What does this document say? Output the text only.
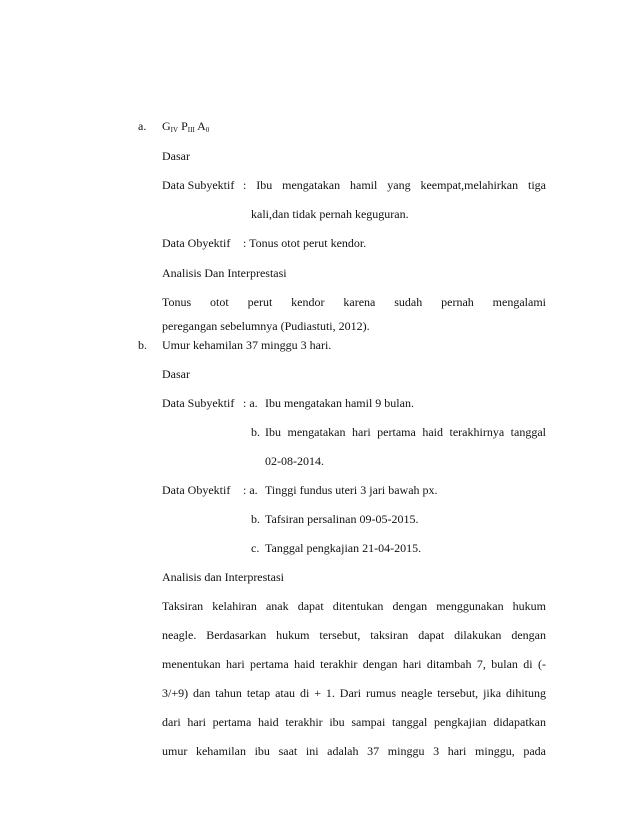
a. $G_{IV}$ $P_{III}$ $A_0$
Dasar
Data Subyektif : Ibu mengatakan hamil yang keempat,melahirkan tiga
kali,dan tidak pernah keguguran.
Data Obyektif : Tonus otot perut kendor.
Analisis Dan Interprestasi
Tonus otot perut kendor karena sudah pernah mengalami
peregangan sebelumnya (Pudiastuti, 2012).
b. Umur kehamilan 37 minggu 3 hari.
Dasar
Data Subyektif : a. Ibu mengatakan hamil 9 bulan.
b. Ibu mengatakan hari pertama haid terakhirnya tanggal
02-08-2014.
Data Obyektif : a. Tinggi fundus uteri 3 jari bawah px.
b. Tafsiran persalinan 09-05-2015.
c. Tanggal pengkajian 21-04-2015.
Analisis dan Interprestasi
Taksiran kelahiran anak dapat ditentukan dengan menggunakan hukum
neagle. Berdasarkan hukum tersebut, taksiran dapat dilakukan dengan
menentukan hari pertama haid terakhir dengan hari ditambah 7, bulan di (-
3/+9) dan tahun tetap atau di + 1. Dari rumus neagle tersebut, jika dihitung
dari hari pertama haid terakhir ibu sampai tanggal pengkajian didapatkan
umur kehamilan ibu saat ini adalah 37 minggu 3 hari minggu, pada
